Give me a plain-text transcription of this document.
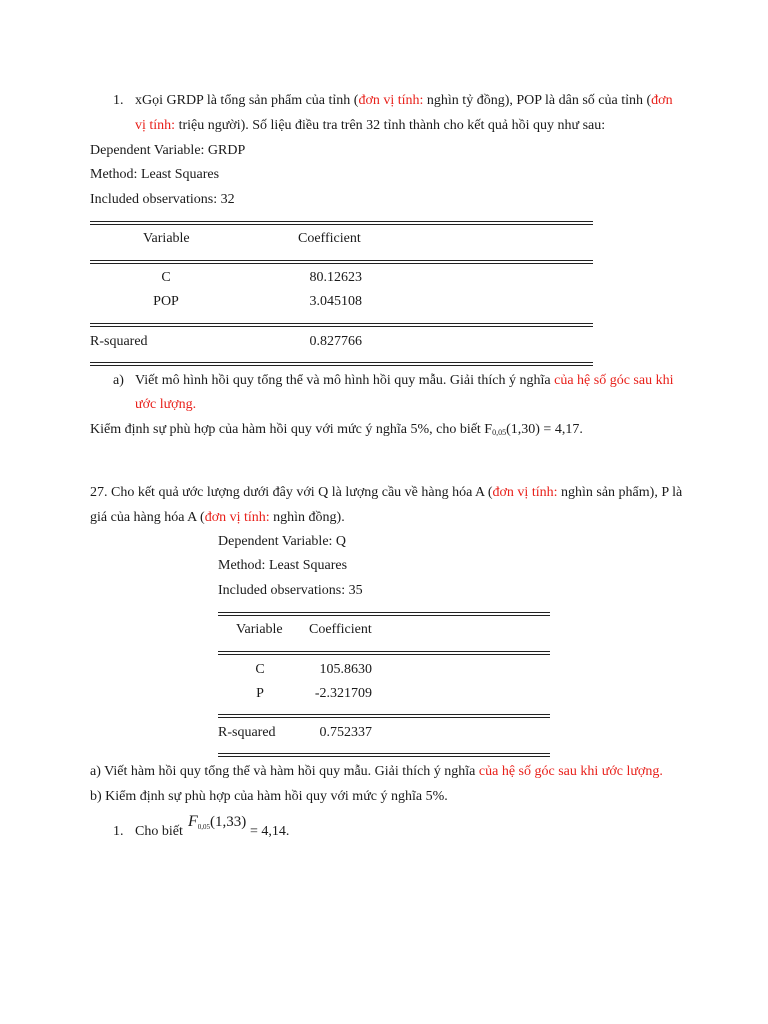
1. xGọi GRDP là tổng sản phẩm của tỉnh (đơn vị tính: nghìn tỷ đồng), POP là dân số của tỉnh (đơn
vị tính: triệu người). Số liệu điều tra trên 32 tỉnh thành cho kết quả hồi quy như sau:
Dependent Variable: GRDP
Method: Least Squares
Included observations: 32
Variable	Coefficient
C	80.12623
POP	3.045108
R-squared	0.827766
a) Viết mô hình hồi quy tổng thể và mô hình hồi quy mẫu. Giải thích ý nghĩa của hệ số góc sau khi
ước lượng.
Kiểm định sự phù hợp của hàm hồi quy với mức ý nghĩa 5%, cho biết $F_{0,05}(1,30) = 4,17$.
27. Cho kết quả ước lượng dưới đây với Q là lượng cầu về hàng hóa A (đơn vị tính: nghìn sản phẩm), P là
giá của hàng hóa A (đơn vị tính: nghìn đồng).
Dependent Variable: Q
Method: Least Squares
Included observations: 35
Variable Coefficient
C	105.8630
P	-2.321709
R-squared	0.752337
a) Viết hàm hồi quy tổng thể và hàm hồi quy mẫu. Giải thích ý nghĩa của hệ số góc sau khi ước lượng.
b) Kiểm định sự phù hợp của hàm hồi quy với mức ý nghĩa 5%.
1. Cho biết
$F_{0,05}(1,33)$
= 4,14.
